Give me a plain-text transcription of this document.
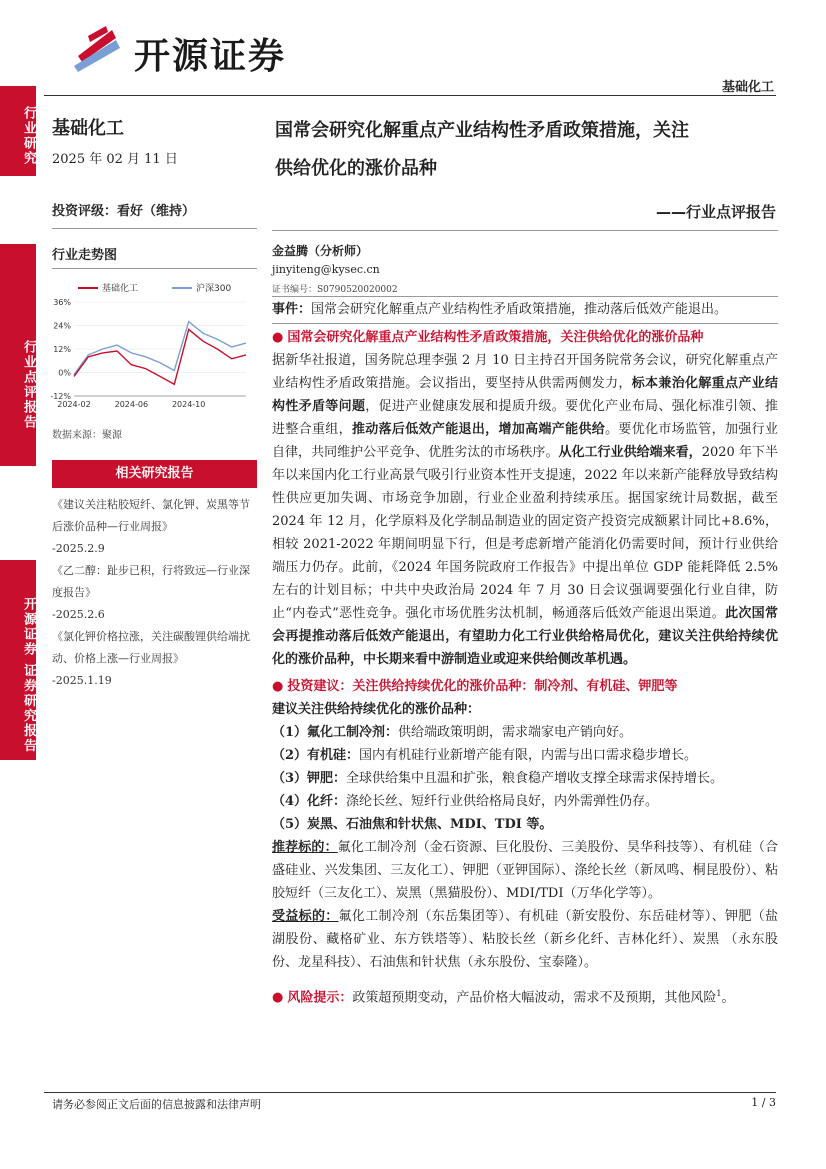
开源证券
基础化工
行业研究
行业点评报告
开源证券 证券研究报告
基础化工
2025 年 02 月 11 日
投资评级：看好（维持）
行业走势图
基础化工	沪深300
36%
24%
12%
0%
-12%
2024-02	2024-06	2024-10
数据来源：聚源
相关研究报告
《建议关注粘胶短纤、氯化钾、炭黑等节后涨价品种—行业周报》
-2025.2.9
《乙二醇：趾步已积，行将致远—行业深度报告》
-2025.2.6
《氯化钾价格拉涨，关注碳酸锂供给端扰动、价格上涨—行业周报》
-2025.1.19
国常会研究化解重点产业结构性矛盾政策措施，关注
供给优化的涨价品种
——行业点评报告
金益腾（分析师）
jinyiteng@kysec.cn
证书编号：S0790520020002

事件：国常会研究化解重点产业结构性矛盾政策措施，推动落后低效产能退出。

● 国常会研究化解重点产业结构性矛盾政策措施，关注供给优化的涨价品种

据新华社报道，国务院总理李强 2 月 10 日主持召开国务院常务会议，研究化解重点产业结构性矛盾政策措施。会议指出，要坚持从供需两侧发力，标本兼治化解重点产业结构性矛盾等问题，促进产业健康发展和提质升级。要优化产业布局、强化标准引领、推进整合重组，推动落后低效产能退出，增加高端产能供给。要优化市场监管，加强行业自律，共同维护公平竞争、优胜劣汰的市场秩序。从化工行业供给端来看，2020 年下半年以来国内化工行业高景气吸引行业资本性开支提速，2022 年以来新产能释放导致结构性供应更加失调、市场竞争加剧，行业企业盈利持续承压。据国家统计局数据，截至 2024 年 12 月，化学原料及化学制品制造业的固定资产投资完成额累计同比+8.6%，相较 2021-2022 年期间明显下行，但是考虑新增产能消化仍需要时间，预计行业供给端压力仍存。此前，《2024 年国务院政府工作报告》中提出单位 GDP 能耗降低 2.5%左右的计划目标；中共中央政治局 2024 年 7 月 30 日会议强调要强化行业自律，防止“内卷式”恶性竞争。强化市场优胜劣汰机制，畅通落后低效产能退出渠道。此次国常会再提推动落后低效产能退出，有望助力化工行业供给格局优化，建议关注供给持续优化的涨价品种，中长期来看中游制造业或迎来供给侧改革机遇。

● 投资建议：关注供给持续优化的涨价品种：制冷剂、有机硅、钾肥等

建议关注供给持续优化的涨价品种：

（1）氟化工制冷剂：供给端政策明朗，需求端家电产销向好。

（2）有机硅：国内有机硅行业新增产能有限，内需与出口需求稳步增长。

（3）钾肥：全球供给集中且温和扩张，粮食稳产增收支撑全球需求保持增长。

（4）化纤：涤纶长丝、短纤行业供给格局良好，内外需弹性仍存。

（5）炭黑、石油焦和针状焦、MDI、TDI 等。

推荐标的：氟化工制冷剂（金石资源、巨化股份、三美股份、昊华科技等）、有机硅（合盛硅业、兴发集团、三友化工）、钾肥（亚钾国际）、涤纶长丝（新凤鸣、桐昆股份）、粘胶短纤（三友化工）、炭黑（黑猫股份）、MDI/TDI（万华化学等）。

受益标的：氟化工制冷剂（东岳集团等）、有机硅（新安股份、东岳硅材等）、钾肥（盐湖股份、藏格矿业、东方铁塔等）、粘胶长丝（新乡化纤、吉林化纤）、炭黑 （永东股份、龙星科技）、石油焦和针状焦（永东股份、宝泰隆）。

● 风险提示：政策超预期变动，产品价格大幅波动，需求不及预期，其他风险$^1$。

请务必参阅正文后面的信息披露和法律声明	1 / 3
